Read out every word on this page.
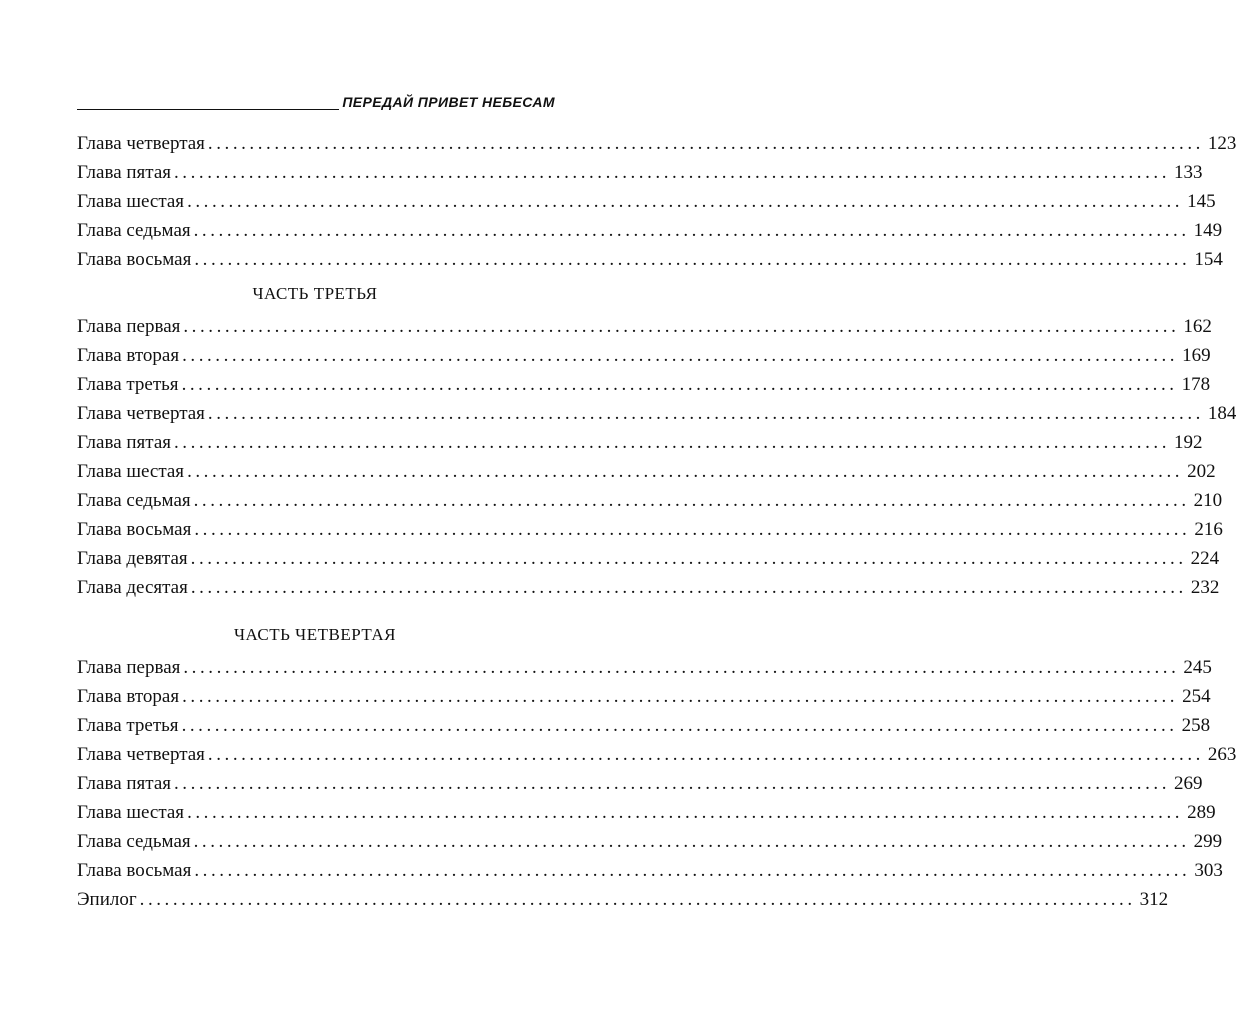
ПЕРЕДАЙ ПРИВЕТ НЕБЕСАМ
Глава четвертая ........................................................................................................................ 123
Глава пятая ........................................................................................................................ 133
Глава шестая ........................................................................................................................ 145
Глава седьмая ........................................................................................................................ 149
Глава восьмая ........................................................................................................................ 154
ЧАСТЬ ТРЕТЬЯ
Глава первая ........................................................................................................................ 162
Глава вторая ........................................................................................................................ 169
Глава третья ........................................................................................................................ 178
Глава четвертая ........................................................................................................................ 184
Глава пятая ........................................................................................................................ 192
Глава шестая ........................................................................................................................ 202
Глава седьмая ........................................................................................................................ 210
Глава восьмая ........................................................................................................................ 216
Глава девятая ........................................................................................................................ 224
Глава десятая ........................................................................................................................ 232
ЧАСТЬ ЧЕТВЕРТАЯ
Глава первая ........................................................................................................................ 245
Глава вторая ........................................................................................................................ 254
Глава третья ........................................................................................................................ 258
Глава четвертая ........................................................................................................................ 263
Глава пятая ........................................................................................................................ 269
Глава шестая ........................................................................................................................ 289
Глава седьмая ........................................................................................................................ 299
Глава восьмая ........................................................................................................................ 303
Эпилог ........................................................................................................................ 312
